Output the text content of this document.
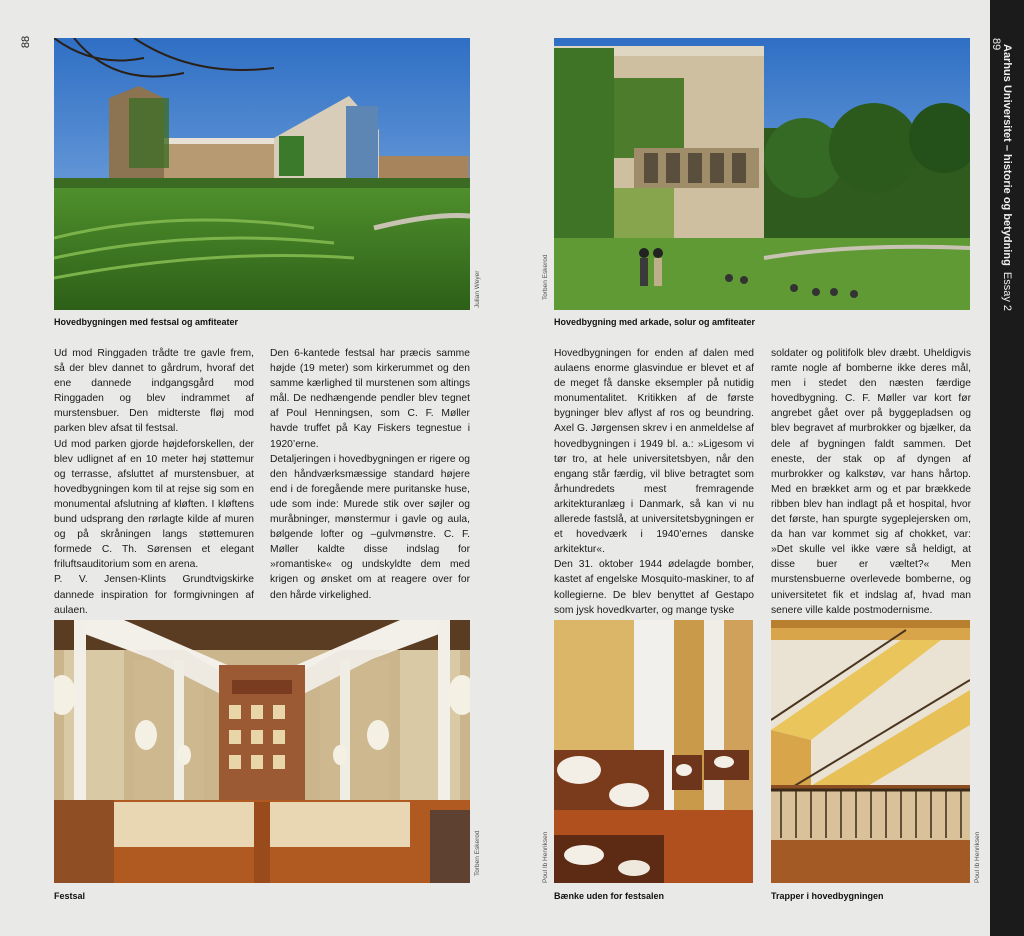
Aarhus Universitet – historie og betydningEssay 2
89
88
Hovedbygningen med festsal og amfiteater
Julian Weyer
Hovedbygning med arkade, solur og amfiteater
Torben Eskerod

Ud mod Ringgaden trådte tre gavle frem, så der blev dannet to gårdrum, hvoraf det ene dannede indgangsgård mod Ringgaden og blev indrammet af murstensbuer. Den midterste fløj mod parken blev afsat til festsal.

Ud mod parken gjorde højdeforskellen, der blev udlignet af en 10 meter høj støttemur og terrasse, afsluttet af murstensbuer, at hovedbygningen kom til at rejse sig som en monumental afslutning af kløften. I kløftens bund udsprang den rørlagte kilde af muren og på skråningen langs støttemuren formede C. Th. Sørensen et elegant friluftsauditorium som en arena.

P. V. Jensen-Klints Grundtvigskirke dannede inspiration for formgivningen af aulaen.

Den 6-kantede festsal har præcis samme højde (19 meter) som kirkerummet og den samme kærlighed til murstenen som altings mål. De nedhængende pendler blev tegnet af Poul Henningsen, som C. F. Møller havde truffet på Kay Fiskers tegnestue i 1920’erne.

Detaljeringen i hovedbygningen er rigere og den håndværksmæssige standard højere end i de foregående mere puritanske huse, ude som inde: Murede stik over søjler og muråbninger, mønstermur i gavle og aula, bølgende lofter og –gulvmønstre. C. F. Møller kaldte disse indslag for »romantiske« og undskyldte dem med krigen og ønsket om at reagere over for den hårde virkelighed.

Hovedbygningen for enden af dalen med aulaens enorme glasvindue er blevet et af de meget få danske eksempler på nutidig monumentalitet. Kritikken af de første bygninger blev aflyst af ros og beundring. Axel G. Jørgensen skrev i en anmeldelse af hovedbygningen i 1949 bl. a.: »Ligesom vi tør tro, at hele universitetsbyen, når den engang står færdig, vil blive betragtet som århundredets mest fremragende arkitekturanlæg i Danmark, så kan vi nu allerede fastslå, at universitetsbygningen er et hovedværk i 1940’ernes danske arkitektur«.

Den 31. oktober 1944 ødelagde bomber, kastet af engelske Mosquito-maskiner, to af kollegierne. De blev benyttet af Gestapo som jysk hovedkvarter, og mange tyske

soldater og politifolk blev dræbt. Uheldigvis ramte nogle af bomberne ikke deres mål, men i stedet den næsten færdige hovedbygning. C. F. Møller var kort før angrebet gået over på byggepladsen og blev begravet af murbrokker og bjælker, da dele af bygningen faldt sammen. Det eneste, der stak op af dyngen af murbrokker og kalkstøv, var hans hårtop. Med en brækket arm og et par brækkede ribben blev han indlagt på et hospital, hvor det første, han spurgte sygeplejersken om, da han var kommet sig af chokket, var: »Det skulle vel ikke være så heldigt, at disse buer er væltet?« Men murstensbuerne overlevede bomberne, og universitetet fik et indslag af, hvad man senere ville kalde postmodernisme.

Festsal
Torben Eskerod
Bænke uden for festsalen
Poul Ib Henriksen
Trapper i hovedbygningen
Poul Ib Henriksen
